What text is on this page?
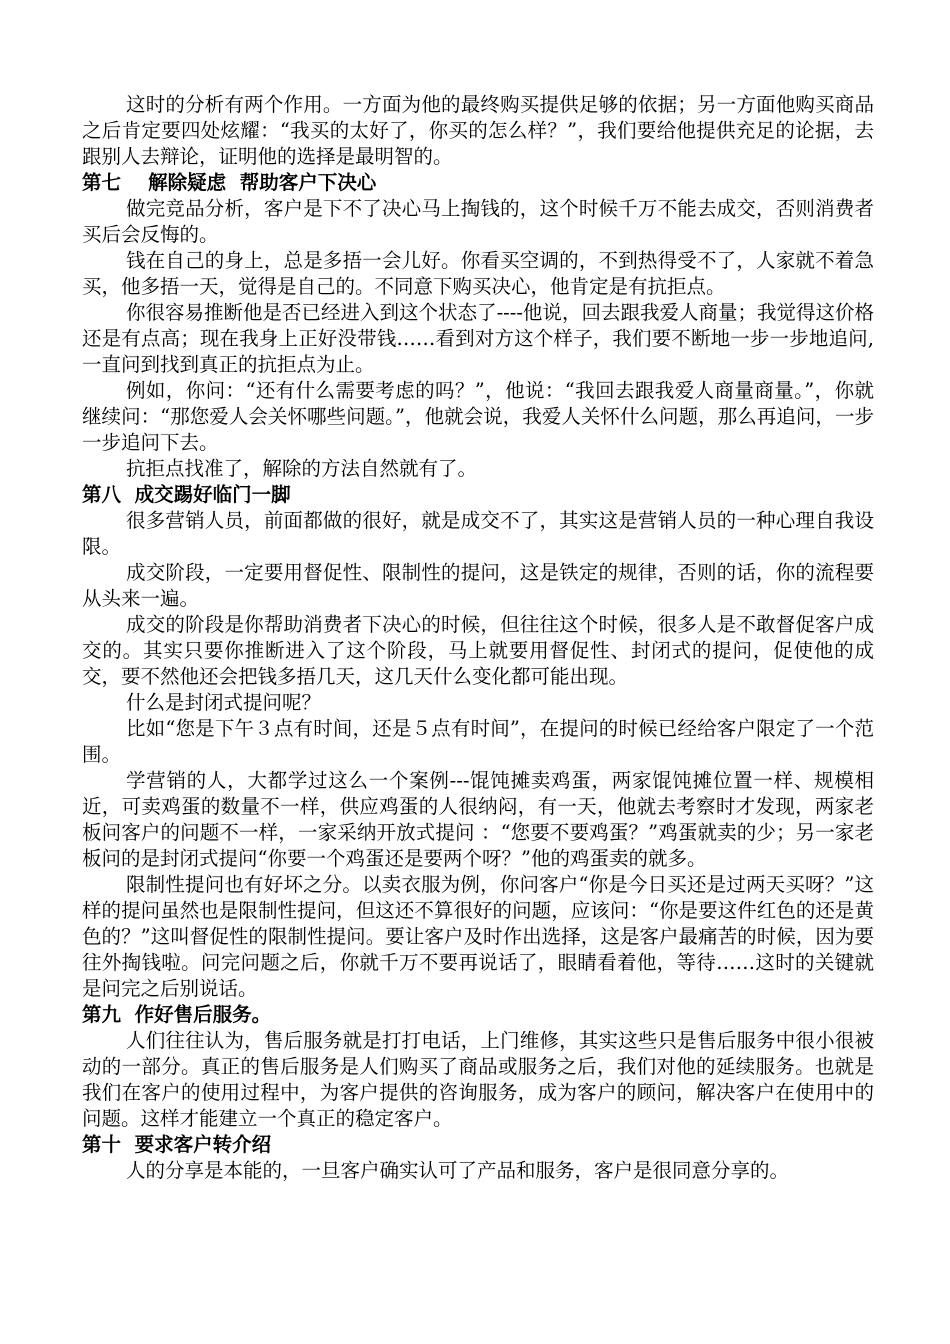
这时的分析有两个作用。一方面为他的最终购买提供足够的依据；另一方面他购买商品之后肯定要四处炫耀：“我买的太好了，你买的怎么样？”，我们要给他提供充足的论据，去跟别人去辩论，证明他的选择是最明智的。

第七    解除疑虑  帮助客户下决心

做完竞品分析，客户是下不了决心马上掏钱的，这个时候千万不能去成交，否则消费者买后会反悔的。

钱在自己的身上，总是多捂一会儿好。你看买空调的，不到热得受不了，人家就不着急买，他多捂一天，觉得是自己的。不同意下购买决心，他肯定是有抗拒点。

你很容易推断他是否已经进入到这个状态了----他说，回去跟我爱人商量；我觉得这价格还是有点高；现在我身上正好没带钱……看到对方这个样子，我们要不断地一步一步地追问,一直问到找到真正的抗拒点为止。

例如，你问：“还有什么需要考虑的吗？”，他说：“我回去跟我爱人商量商量。”，你就继续问：“那您爱人会关怀哪些问题。”，他就会说，我爱人关怀什么问题，那么再追问，一步一步追问下去。

抗拒点找准了，解除的方法自然就有了。

第八  成交踢好临门一脚

很多营销人员，前面都做的很好，就是成交不了，其实这是营销人员的一种心理自我设限。

成交阶段，一定要用督促性、限制性的提问，这是铁定的规律，否则的话，你的流程要从头来一遍。

成交的阶段是你帮助消费者下决心的时候，但往往这个时候，很多人是不敢督促客户成交的。其实只要你推断进入了这个阶段，马上就要用督促性、封闭式的提问，促使他的成交，要不然他还会把钱多捂几天，这几天什么变化都可能出现。

什么是封闭式提问呢？

比如“您是下午３点有时间，还是５点有时间”，在提问的时候已经给客户限定了一个范围。

学营销的人，大都学过这么一个案例---馄饨摊卖鸡蛋，两家馄饨摊位置一样、规模相近，可卖鸡蛋的数量不一样，供应鸡蛋的人很纳闷，有一天，他就去考察时才发现，两家老板问客户的问题不一样，一家采纳开放式提问 ：“您要不要鸡蛋？”鸡蛋就卖的少；另一家老板问的是封闭式提问“你要一个鸡蛋还是要两个呀？”他的鸡蛋卖的就多。

限制性提问也有好坏之分。以卖衣服为例，你问客户“你是今日买还是过两天买呀？”这样的提问虽然也是限制性提问，但这还不算很好的问题，应该问：“你是要这件红色的还是黄色的？”这叫督促性的限制性提问。要让客户及时作出选择，这是客户最痛苦的时候，因为要往外掏钱啦。问完问题之后，你就千万不要再说话了，眼睛看着他，等待……这时的关键就是问完之后别说话。

第九  作好售后服务。

人们往往认为，售后服务就是打打电话，上门维修，其实这些只是售后服务中很小很被动的一部分。真正的售后服务是人们购买了商品或服务之后，我们对他的延续服务。也就是我们在客户的使用过程中，为客户提供的咨询服务，成为客户的顾问，解决客户在使用中的问题。这样才能建立一个真正的稳定客户。

第十  要求客户转介绍

人的分享是本能的，一旦客户确实认可了产品和服务，客户是很同意分享的。
